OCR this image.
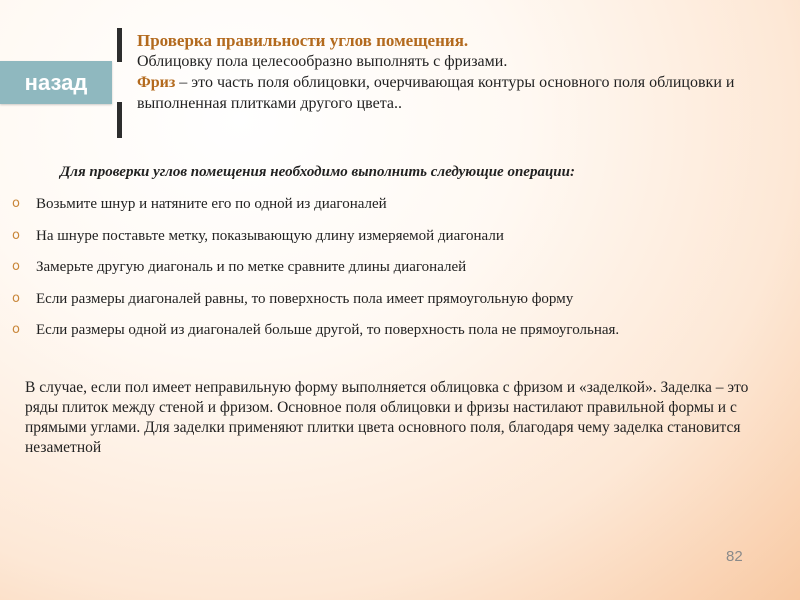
назад
Проверка правильности углов помещения.
Облицовку пола целесообразно выполнять с фризами.
Фриз – это часть поля облицовки, очерчивающая контуры основного поля облицовки и выполненная плитками другого цвета..
Для проверки углов помещения необходимо выполнить следующие операции:
o Возьмите шнур и натяните его по одной из диагоналей
o На шнуре поставьте метку, показывающую длину измеряемой диагонали
o Замерьте другую диагональ и по метке сравните длины диагоналей
o Если размеры диагоналей равны, то поверхность пола имеет прямоугольную форму
o Если размеры одной из диагоналей больше другой, то поверхность пола не прямоугольная.
В случае, если пол имеет неправильную форму выполняется облицовка с фризом и «заделкой». Заделка – это ряды плиток между стеной и фризом. Основное поля облицовки и фризы настилают правильной формы и с прямыми углами. Для заделки применяют плитки цвета основного поля, благодаря чему заделка становится незаметной
82
